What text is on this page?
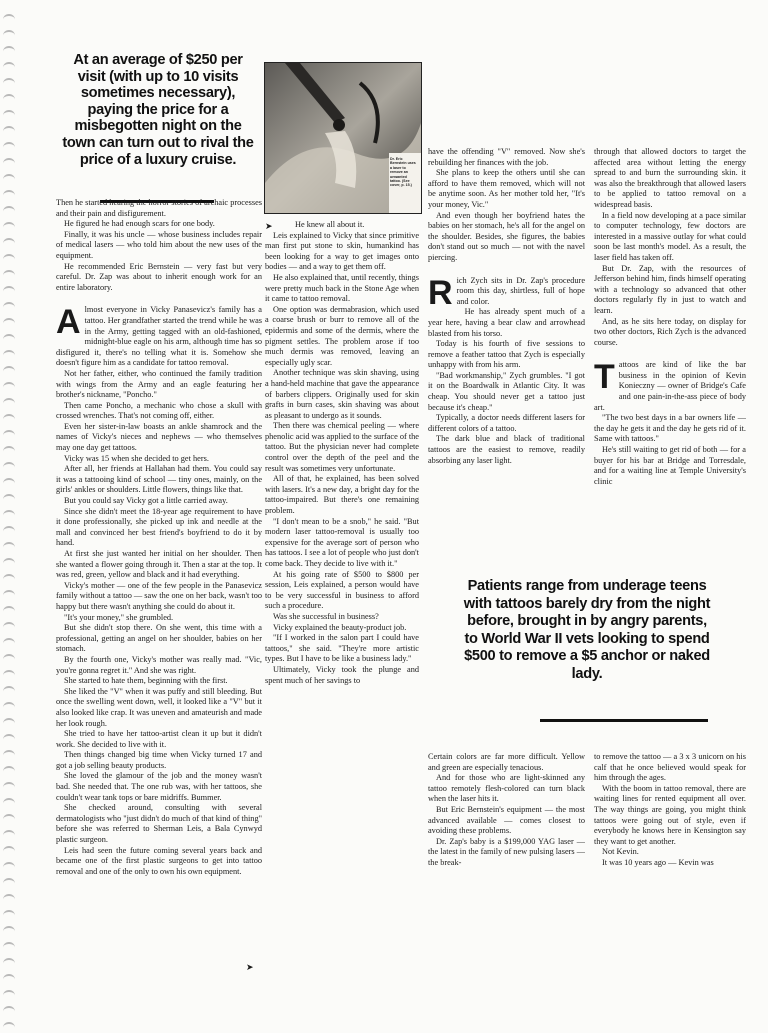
At an average of $250 per visit (with up to 10 visits sometimes necessary), paying the price for a misbegotten night on the town can turn out to rival the price of a luxury cruise.	Dr. Eric Bernstein uses a laser to remove an unwanted tattoo. (See cover, p. 15.)

Then he started hearing the horror stories of archaic processes and their pain and disfigurement.

He figured he had enough scars for one body.

Finally, it was his uncle — whose business includes repair of medical lasers — who told him about the new uses of the equipment.

He recommended Eric Bernstein — very fast but very careful. Dr. Zap was about to inherit enough work for an entire laboratory.

A lmost everyone in Vicky Panasevicz's family has a tattoo. Her grandfather started the trend while he was in the Army, getting tagged with an old-fashioned, midnight-blue eagle on his arm, although time has so disfigured it, there's no telling what it is. Somehow she doesn't figure him as a candidate for tattoo removal.

Not her father, either, who continued the family tradition with wings from the Army and an eagle featuring her brother's nickname, "Poncho."

Then came Poncho, a mechanic who chose a skull with crossed wrenches. That's not coming off, either.

Even her sister-in-law boasts an ankle shamrock and the names of Vicky's nieces and nephews — who themselves may one day get tattoos.

Vicky was 15 when she decided to get hers.

After all, her friends at Hallahan had them. You could say it was a tattooing kind of school — tiny ones, mainly, on the girls' ankles or shoulders. Little flowers, things like that.

But you could say Vicky got a little carried away.

Since she didn't meet the 18-year age requirement to have it done professionally, she picked up ink and needle at the mall and convinced her best friend's boyfriend to do it by hand.

At first she just wanted her initial on her shoulder. Then she wanted a flower going through it. Then a star at the top. It was red, green, yellow and black and it had everything.

Vicky's mother — one of the few people in the Panasevicz family without a tattoo — saw the one on her back, wasn't too happy but there wasn't anything she could do about it.

"It's your money," she grumbled.

But she didn't stop there. On she went, this time with a professional, getting an angel on her shoulder, babies on her stomach.

By the fourth one, Vicky's mother was really mad. "Vic, you're gonna regret it." And she was right.

She started to hate them, beginning with the first.

She liked the "V" when it was puffy and still bleeding. But once the swelling went down, well, it looked like a "V" but it also looked like crap. It was uneven and amateurish and made her look rough.

She tried to have her tattoo-artist clean it up but it didn't work. She decided to live with it.

Then things changed big time when Vicky turned 17 and got a job selling beauty products.

She loved the glamour of the job and the money wasn't bad. She needed that. The one rub was, with her tattoos, she couldn't wear tank tops or bare midriffs. Bummer.

She checked around, consulting with several dermatologists who "just didn't do much of that kind of thing" before she was referred to Sherman Leis, a Bala Cynwyd plastic surgeon.

Leis had seen the future coming several years back and became one of the first plastic surgeons to get into tattoo removal and one of the only to own his own equipment.

➤

He knew all about it.

Leis explained to Vicky that since primitive man first put stone to skin, humankind has been looking for a way to get images onto bodies — and a way to get them off.

He also explained that, until recently, things were pretty much back in the Stone Age when it came to tattoo removal.

One option was dermabrasion, which used a coarse brush or burr to remove all of the epidermis and some of the dermis, where the pigment settles. The problem arose if too much dermis was removed, leaving an especially ugly scar.

Another technique was skin shaving, using a hand-held machine that gave the appearance of barbers clippers. Originally used for skin grafts in burn cases, skin shaving was about as pleasant to undergo as it sounds.

Then there was chemical peeling — where phenolic acid was applied to the surface of the tattoo. But the physician never had complete control over the depth of the peel and the result was sometimes very unfortunate.

All of that, he explained, has been solved with lasers. It's a new day, a bright day for the tattoo-impaired. But there's one remaining problem.

"I don't mean to be a snob," he said. "But modern laser tattoo-removal is usually too expensive for the average sort of person who has tattoos. I see a lot of people who just don't come back. They decide to live with it."

At his going rate of $500 to $800 per session, Leis explained, a person would have to be very successful in business to afford such a procedure.

Was she successful in business?

Vicky explained the beauty-product job.

"If I worked in the salon part I could have tattoos," she said. "They're more artistic types. But I have to be like a business lady."

Ultimately, Vicky took the plunge and spent much of her savings to

➤

have the offending "V" removed. Now she's rebuilding her finances with the job.

She plans to keep the others until she can afford to have them removed, which will not be anytime soon. As her mother told her, "It's your money, Vic."

And even though her boyfriend hates the babies on her stomach, he's all for the angel on the shoulder. Besides, she figures, the babies don't stand out so much — not with the navel piercing.

R ich Zych sits in Dr. Zap's procedure room this day, shirtless, full of hope and color.

He has already spent much of a year here, having a bear claw and arrowhead blasted from his torso.

Today is his fourth of five sessions to remove a feather tattoo that Zych is especially unhappy with from his arm.

"Bad workmanship," Zych grumbles. "I got it on the Boardwalk in Atlantic City. It was cheap. You should never get a tattoo just because it's cheap."

Typically, a doctor needs different lasers for different colors of a tattoo.

The dark blue and black of traditional tattoos are the easiest to remove, readily absorbing any laser light.

through that allowed doctors to target the affected area without letting the energy spread to and burn the surrounding skin. it was also the breakthrough that allowed lasers to be applied to tattoo removal on a widespread basis.

In a field now developing at a pace similar to computer technology, few doctors are interested in a massive outlay for what could soon be last month's model. As a result, the laser field has taken off.

But Dr. Zap, with the resources of Jefferson behind him, finds himself operating with a technology so advanced that other doctors regularly fly in just to watch and learn.

And, as he sits here today, on display for two other doctors, Rich Zych is the advanced course.

T attoos are kind of like the bar business in the opinion of Kevin Konieczny — owner of Bridge's Cafe and one pain-in-the-ass piece of body art.

"The two best days in a bar owners life — the day he gets it and the day he gets rid of it. Same with tattoos."

He's still waiting to get rid of both — for a buyer for his bar at Bridge and Torresdale, and for a waiting line at Temple University's clinic

Patients range from underage teens with tattoos barely dry from the night before, brought in by angry parents, to World War II vets looking to spend $500 to remove a $5 anchor or naked lady.

Certain colors are far more difficult. Yellow and green are especially tenacious.

And for those who are light-skinned any tattoo remotely flesh-colored can turn black when the laser hits it.

But Eric Bernstein's equipment — the most advanced available — comes closest to avoiding these problems.

Dr. Zap's baby is a $199,000 YAG laser — the latest in the family of new pulsing lasers — the break-

to remove the tattoo — a 3 x 3 unicorn on his calf that he once believed would speak for him through the ages.

With the boom in tattoo removal, there are waiting lines for rented equipment all over. The way things are going, you might think tattoos were going out of style, even if everybody he knows here in Kensington say they want to get another.

Not Kevin.

It was 10 years ago — Kevin was
